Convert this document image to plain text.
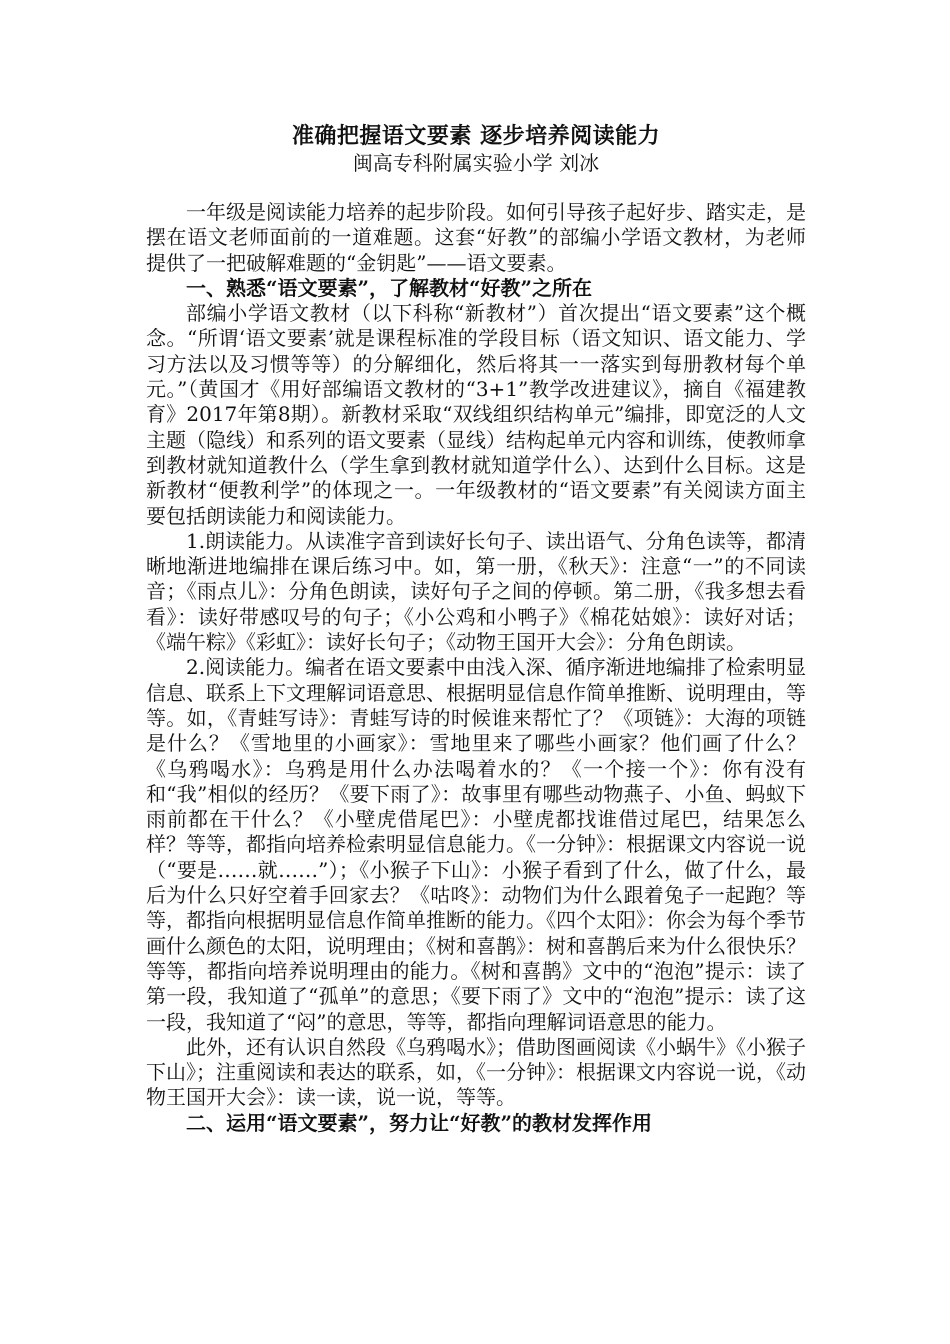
准确把握语文要素 逐步培养阅读能力

闽高专科附属实验小学 刘冰

一年级是阅读能力培养的起步阶段。如何引导孩子起好步、踏实走，是摆在语文老师面前的一道难题。这套“好教”的部编小学语文教材，为老师提供了一把破解难题的“金钥匙”——语文要素。

一、熟悉“语文要素”，了解教材“好教”之所在

部编小学语文教材（以下科称“新教材”）首次提出“语文要素”这个概念。“所谓‘语文要素’就是课程标准的学段目标（语文知识、语文能力、学习方法以及习惯等等）的分解细化，然后将其一一落实到每册教材每个单元。”（黄国才《用好部编语文教材的“3+1”教学改进建议》，摘自《福建教育》2017年第8期）。新教材采取“双线组织结构单元”编排，即宽泛的人文主题（隐线）和系列的语文要素（显线）结构起单元内容和训练，使教师拿到教材就知道教什么（学生拿到教材就知道学什么）、达到什么目标。这是新教材“便教利学”的体现之一。一年级教材的“语文要素”有关阅读方面主要包括朗读能力和阅读能力。

1.朗读能力。从读准字音到读好长句子、读出语气、分角色读等，都清晰地渐进地编排在课后练习中。如，第一册，《秋天》：注意“一”的不同读音；《雨点儿》：分角色朗读，读好句子之间的停顿。第二册，《我多想去看看》：读好带感叹号的句子；《小公鸡和小鸭子》《棉花姑娘》：读好对话；《端午粽》《彩虹》：读好长句子；《动物王国开大会》：分角色朗读。

2.阅读能力。编者在语文要素中由浅入深、循序渐进地编排了检索明显信息、联系上下文理解词语意思、根据明显信息作简单推断、说明理由，等等。如，《青蛙写诗》：青蛙写诗的时候谁来帮忙了？《项链》：大海的项链是什么？《雪地里的小画家》：雪地里来了哪些小画家？他们画了什么？《乌鸦喝水》：乌鸦是用什么办法喝着水的？《一个接一个》：你有没有和“我”相似的经历？《要下雨了》：故事里有哪些动物燕子、小鱼、蚂蚁下雨前都在干什么？《小壁虎借尾巴》：小壁虎都找谁借过尾巴，结果怎么样？等等，都指向培养检索明显信息能力。《一分钟》：根据课文内容说一说（“要是……就……”）；《小猴子下山》：小猴子看到了什么，做了什么，最后为什么只好空着手回家去？《咕咚》：动物们为什么跟着兔子一起跑？等等，都指向根据明显信息作简单推断的能力。《四个太阳》：你会为每个季节画什么颜色的太阳，说明理由；《树和喜鹊》：树和喜鹊后来为什么很快乐？等等，都指向培养说明理由的能力。《树和喜鹊》文中的“泡泡”提示：读了第一段，我知道了“孤单”的意思；《要下雨了》文中的“泡泡”提示：读了这一段，我知道了“闷”的意思，等等，都指向理解词语意思的能力。

此外，还有认识自然段《乌鸦喝水》；借助图画阅读《小蜗牛》《小猴子下山》；注重阅读和表达的联系，如，《一分钟》：根据课文内容说一说，《动物王国开大会》：读一读，说一说，等等。

二、运用“语文要素”，努力让“好教”的教材发挥作用
